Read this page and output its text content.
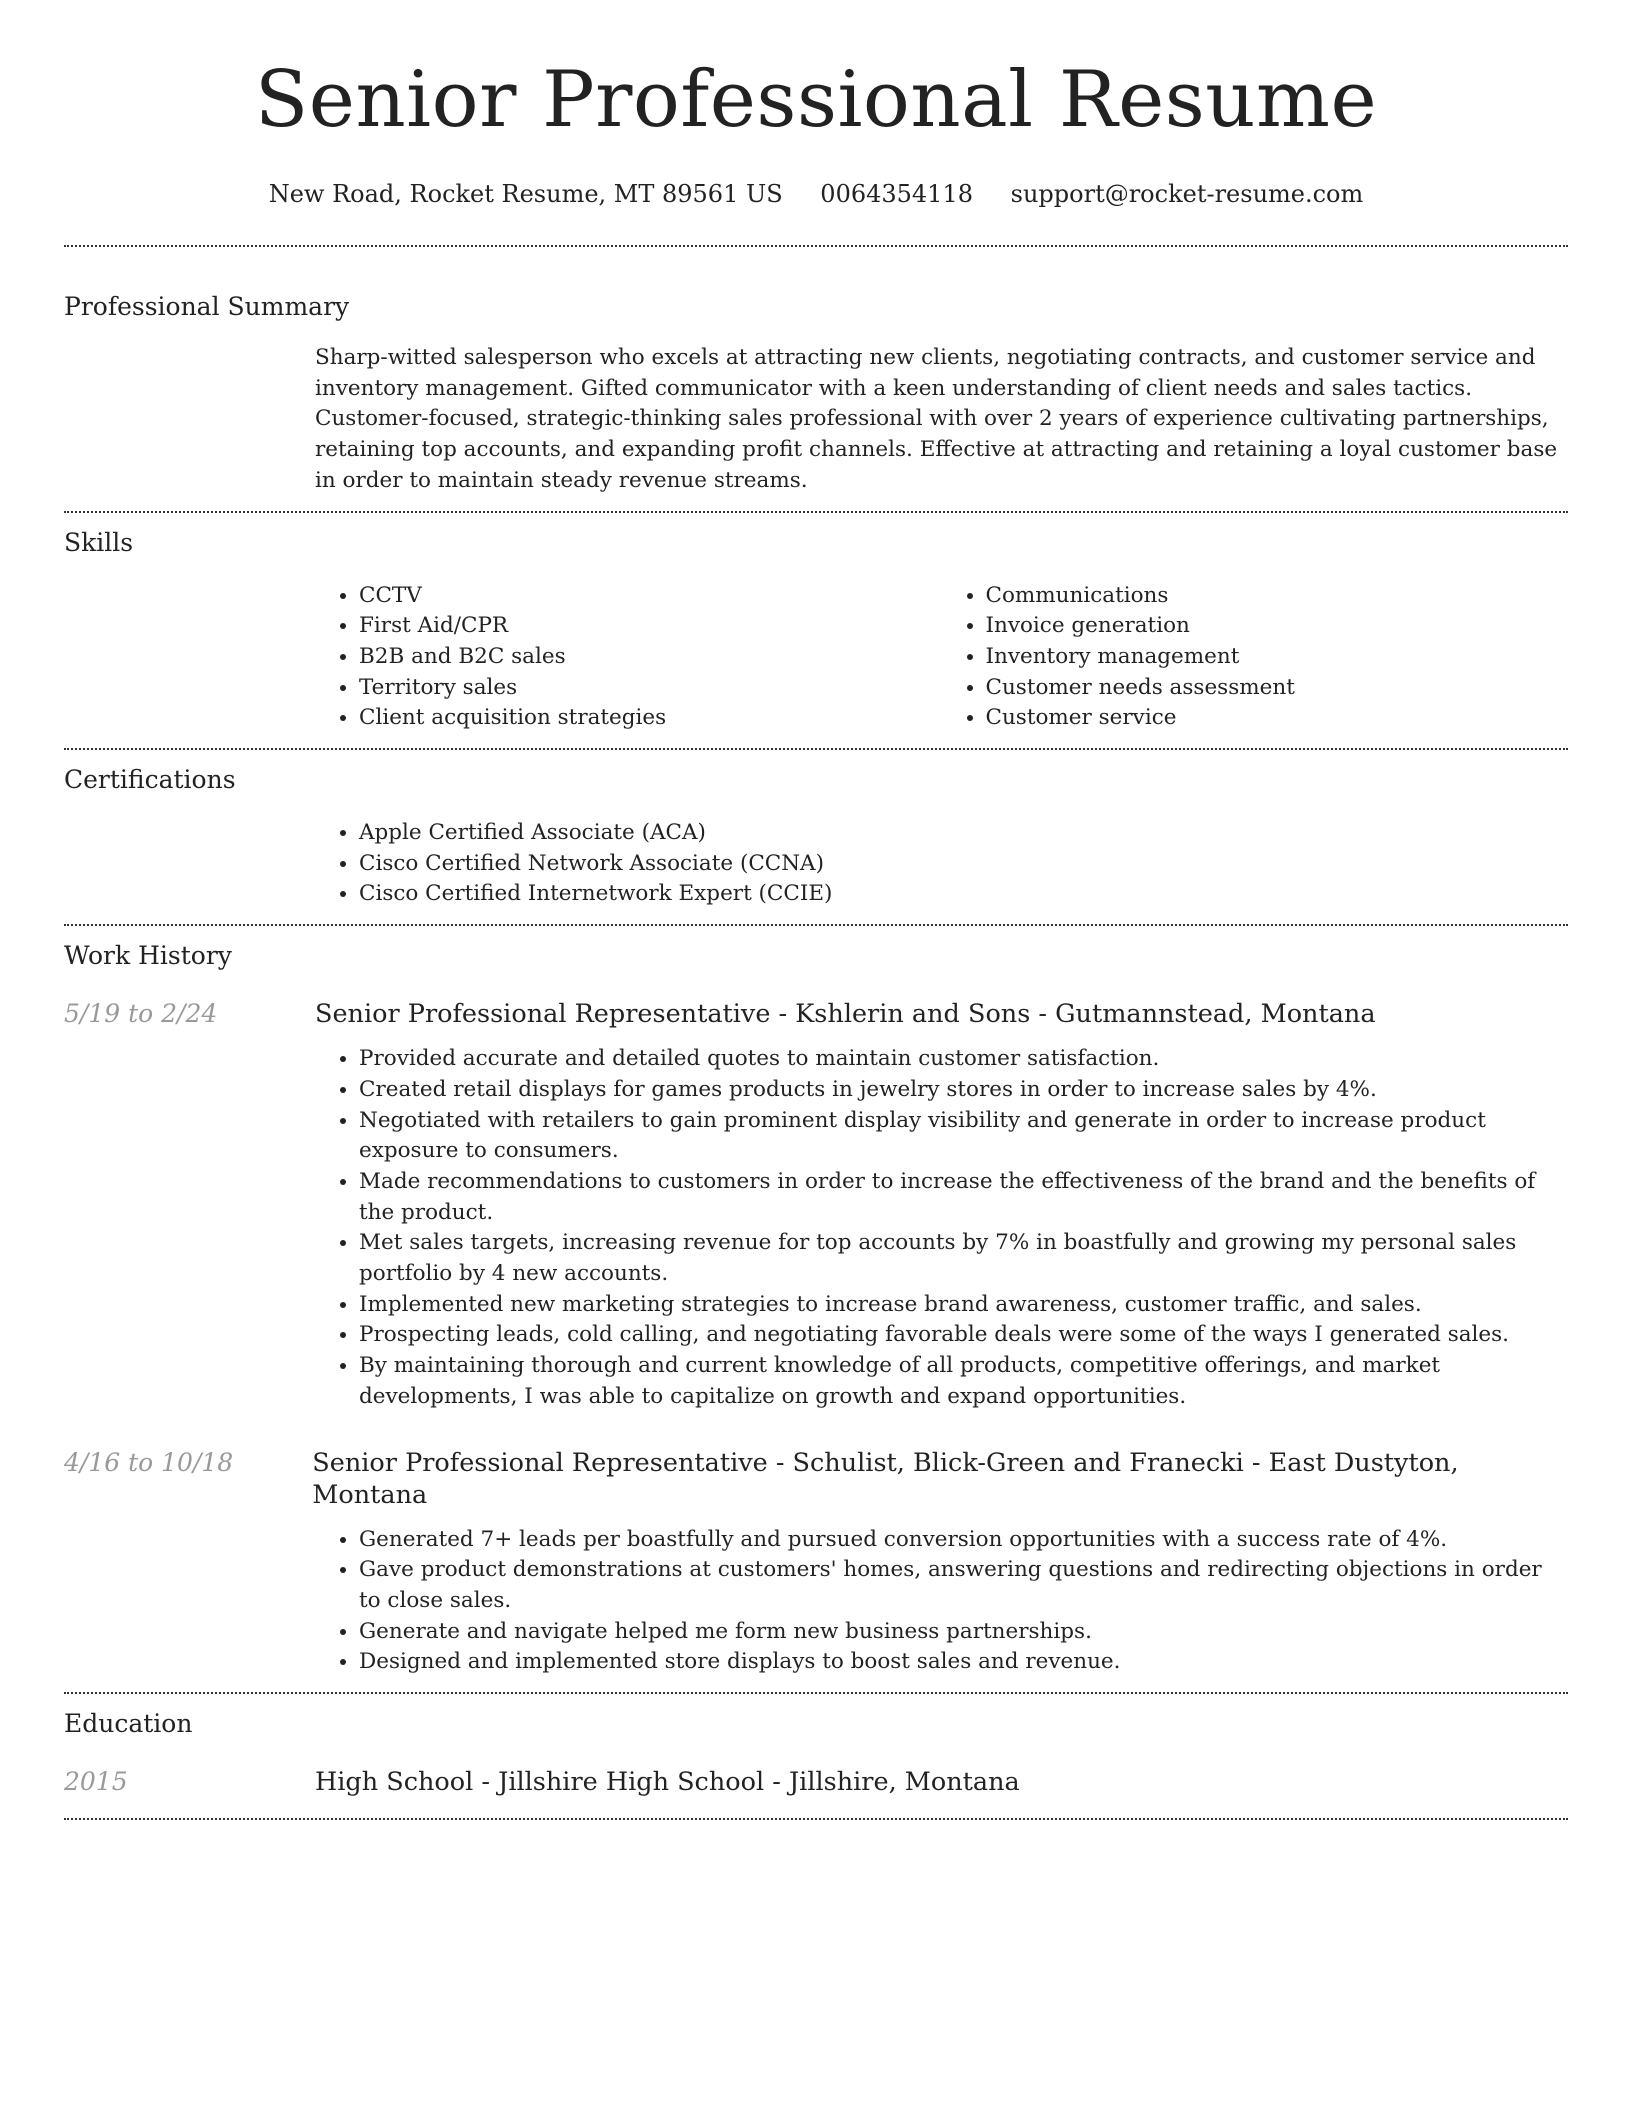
Senior Professional Resume
New Road, Rocket Resume, MT 89561 US 0064354118 support@rocket-resume.com
Professional Summary

Sharp-witted salesperson who excels at attracting new clients, negotiating contracts, and customer service and inventory management. Gifted communicator with a keen understanding of client needs and sales tactics. Customer-focused, strategic-thinking sales professional with over 2 years of experience cultivating partnerships, retaining top accounts, and expanding profit channels. Effective at attracting and retaining a loyal customer base in order to maintain steady revenue streams.

Skills
• CCTV
• First Aid/CPR
• B2B and B2C sales
• Territory sales
• Client acquisition strategies
• Communications
• Invoice generation
• Inventory management
• Customer needs assessment
• Customer service
Certifications
• Apple Certified Associate (ACA)
• Cisco Certified Network Associate (CCNA)
• Cisco Certified Internetwork Expert (CCIE)
Work History
5/19 to 2/24	Senior Professional Representative - Kshlerin and Sons - Gutmannstead, Montana
• Provided accurate and detailed quotes to maintain customer satisfaction.
• Created retail displays for games products in jewelry stores in order to increase sales by 4%.
• Negotiated with retailers to gain prominent display visibility and generate in order to increase product exposure to consumers.
• Made recommendations to customers in order to increase the effectiveness of the brand and the benefits of the product.
• Met sales targets, increasing revenue for top accounts by 7% in boastfully and growing my personal sales portfolio by 4 new accounts.
• Implemented new marketing strategies to increase brand awareness, customer traffic, and sales.
• Prospecting leads, cold calling, and negotiating favorable deals were some of the ways I generated sales.
• By maintaining thorough and current knowledge of all products, competitive offerings, and market developments, I was able to capitalize on growth and expand opportunities.
4/16 to 10/18	Senior Professional Representative - Schulist, Blick-Green and Franecki - East Dustyton, Montana
• Generated 7+ leads per boastfully and pursued conversion opportunities with a success rate of 4%.
• Gave product demonstrations at customers' homes, answering questions and redirecting objections in order to close sales.
• Generate and navigate helped me form new business partnerships.
• Designed and implemented store displays to boost sales and revenue.
Education
2015	High School - Jillshire High School - Jillshire, Montana
